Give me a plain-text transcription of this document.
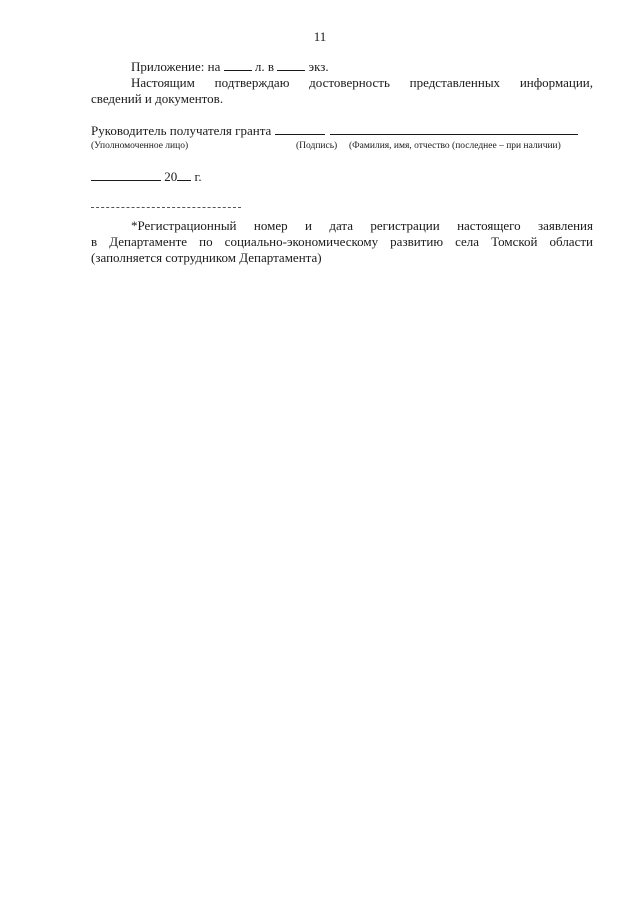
11
Приложение: на	л. в	экз.
Настоящим подтверждаю достоверность представленных информации,
сведений и документов.
Руководитель получателя гранта
(Уполномоченное лицо)	(Подпись) (Фамилия, имя, отчество (последнее – при наличии)
20 г.
*Регистрационный номер и дата регистрации настоящего заявления
в Департаменте по социально-экономическому развитию села Томской области
(заполняется сотрудником Департамента)
